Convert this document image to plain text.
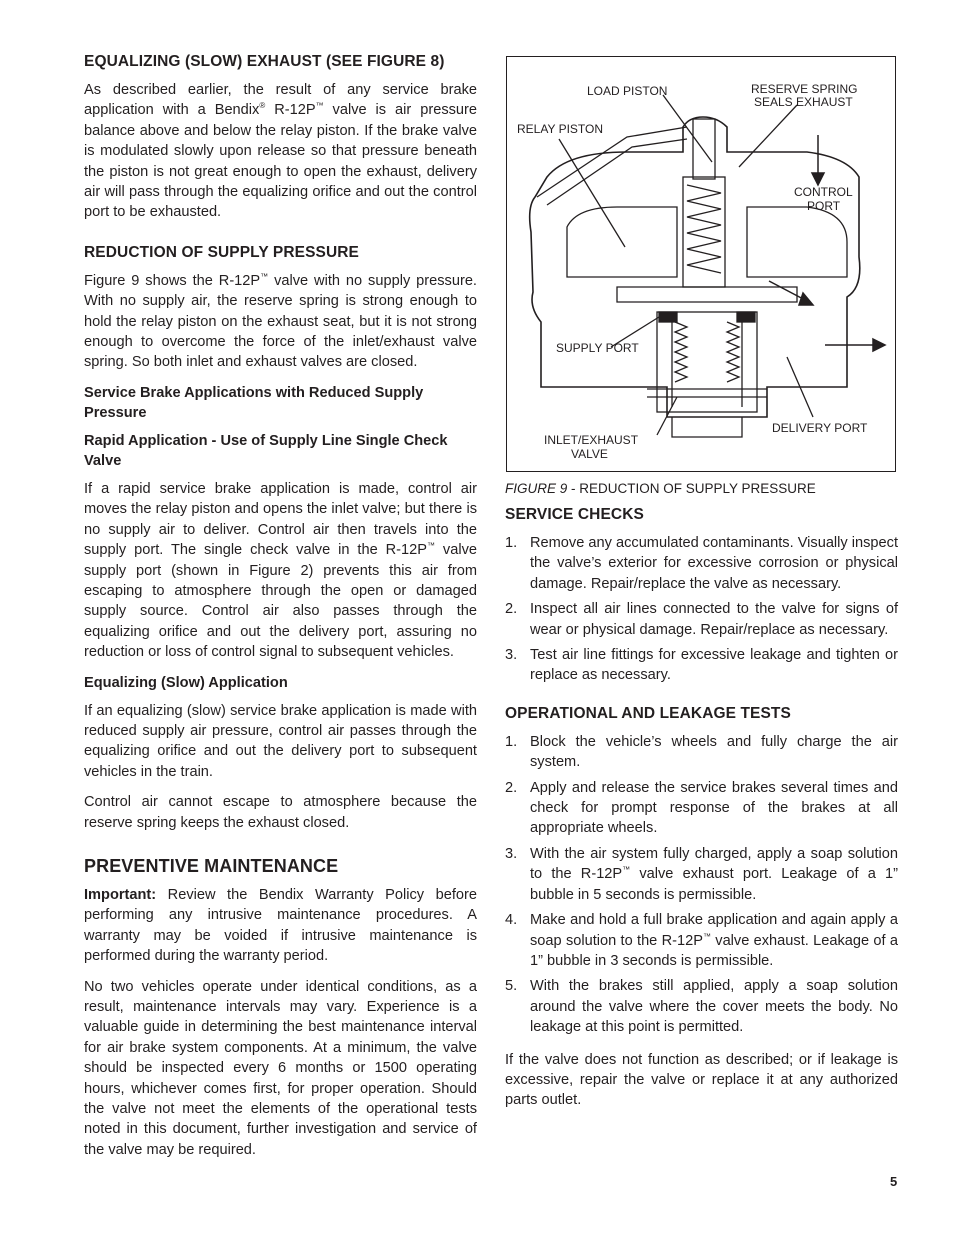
EQUALIZING (SLOW) EXHAUST (SEE FIGURE 8)

As described earlier, the result of any service brake application with a Bendix® R-12P™ valve is air pressure balance above and below the relay piston. If the brake valve is modulated slowly upon release so that pressure beneath the piston is not great enough to open the exhaust, delivery air will pass through the equalizing orifice and out the control port to be exhausted.

REDUCTION OF SUPPLY PRESSURE

Figure 9 shows the R-12P™ valve with no supply pressure. With no supply air, the reserve spring is strong enough to hold the relay piston on the exhaust seat, but it is not strong enough to overcome the force of the inlet/exhaust valve spring. So both inlet and exhaust valves are closed.

Service Brake Applications with Reduced Supply Pressure
Rapid Application - Use of Supply Line Single Check Valve

If a rapid service brake application is made, control air moves the relay piston and opens the inlet valve; but there is no supply air to deliver. Control air then travels into the supply port. The single check valve in the R-12P™ valve supply port (shown in Figure 2) prevents this air from escaping to atmosphere through the open or damaged supply source. Control air also passes through the equalizing orifice and out the delivery port, assuring no reduction or loss of control signal to subsequent vehicles.

Equalizing (Slow) Application

If an equalizing (slow) service brake application is made with reduced supply air pressure, control air passes through the equalizing orifice and out the delivery port to subsequent vehicles in the train.

Control air cannot escape to atmosphere because the reserve spring keeps the exhaust closed.

PREVENTIVE MAINTENANCE

Important: Review the Bendix Warranty Policy before performing any intrusive maintenance procedures. A warranty may be voided if intrusive maintenance is performed during the warranty period.

No two vehicles operate under identical conditions, as a result, maintenance intervals may vary. Experience is a valuable guide in determining the best maintenance interval for air brake system components. At a minimum, the valve should be inspected every 6 months or 1500 operating hours, whichever comes first, for proper operation. Should the valve not meet the elements of the operational tests noted in this document, further investigation and service of the valve may be required.

LOAD PISTON	RESERVE SPRING
SEALS EXHAUST
RELAY PISTON
CONTROL
PORT
SUPPLY PORT
INLET/EXHAUST
VALVE
DELIVERY PORT
FIGURE 9 - REDUCTION OF SUPPLY PRESSURE
SERVICE CHECKS
1. Remove any accumulated contaminants. Visually inspect the valve’s exterior for excessive corrosion or physical damage. Repair/replace the valve as necessary.
2. Inspect all air lines connected to the valve for signs of wear or physical damage. Repair/replace as necessary.
3. Test air line fittings for excessive leakage and tighten or replace as necessary.
OPERATIONAL AND LEAKAGE TESTS
1. Block the vehicle’s wheels and fully charge the air system.
2. Apply and release the service brakes several times and check for prompt response of the brakes at all appropriate wheels.
3. With the air system fully charged, apply a soap solution to the R-12P™ valve exhaust port. Leakage of a 1” bubble in 5 seconds is permissible.
4. Make and hold a full brake application and again apply a soap solution to the R-12P™ valve exhaust. Leakage of a 1” bubble in 3 seconds is permissible.
5. With the brakes still applied, apply a soap solution around the valve where the cover meets the body. No leakage at this point is permitted.

If the valve does not function as described; or if leakage is excessive, repair the valve or replace it at any authorized parts outlet.

5
